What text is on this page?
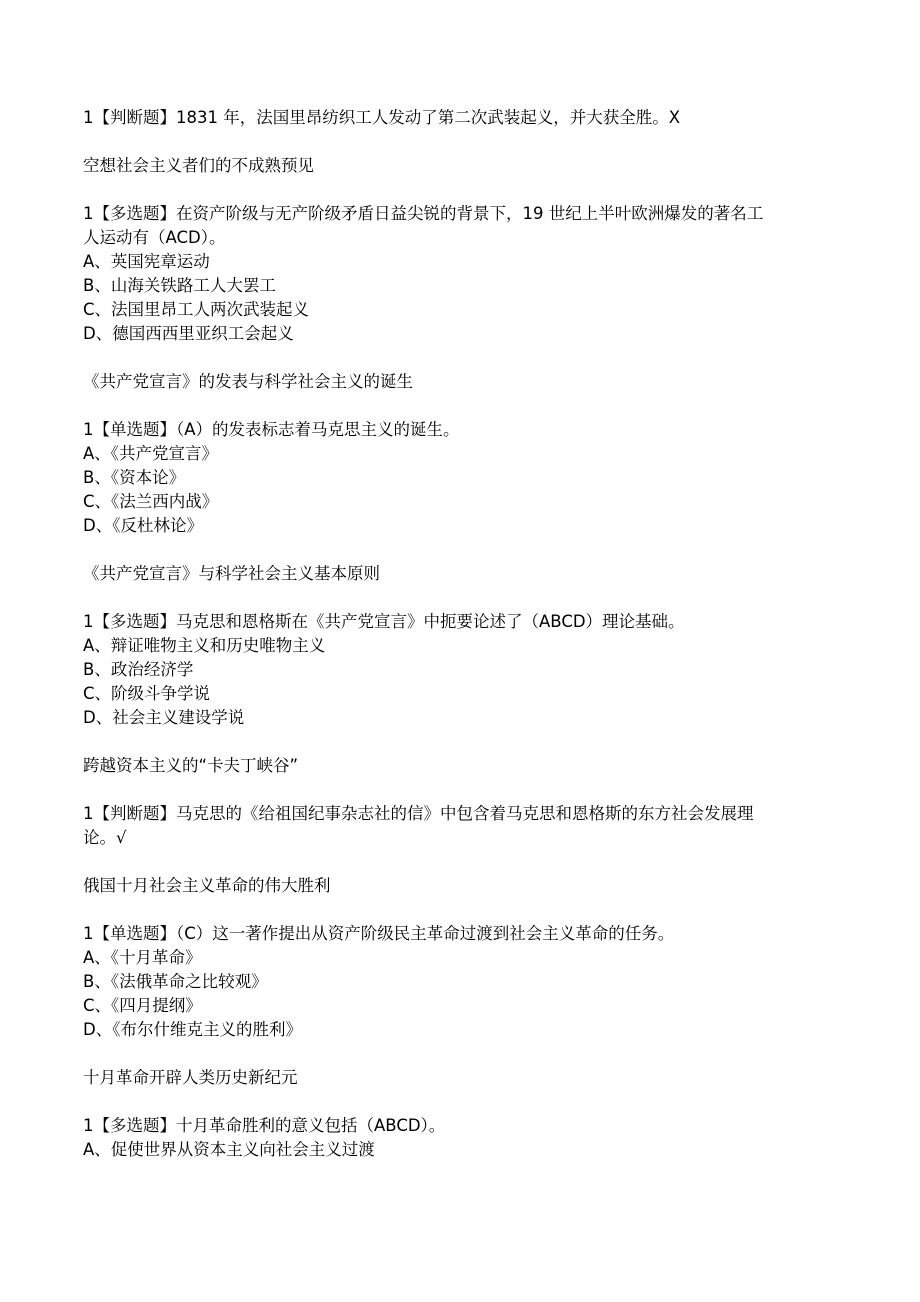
1【判断题】1831 年，法国里昂纺织工人发动了第二次武装起义，并大获全胜。X
空想社会主义者们的不成熟预见
1【多选题】在资产阶级与无产阶级矛盾日益尖锐的背景下，19 世纪上半叶欧洲爆发的著名工
人运动有（ACD）。
A、英国宪章运动
B、山海关铁路工人大罢工
C、法国里昂工人两次武装起义
D、德国西西里亚织工会起义
《共产党宣言》的发表与科学社会主义的诞生
1【单选题】（A）的发表标志着马克思主义的诞生。
A、《共产党宣言》
B、《资本论》
C、《法兰西内战》
D、《反杜林论》
《共产党宣言》与科学社会主义基本原则
1【多选题】马克思和恩格斯在《共产党宣言》中扼要论述了（ABCD）理论基础。
A、辩证唯物主义和历史唯物主义
B、政治经济学
C、阶级斗争学说
D、社会主义建设学说
跨越资本主义的“卡夫丁峡谷”
1【判断题】马克思的《给祖国纪事杂志社的信》中包含着马克思和恩格斯的东方社会发展理
论。√
俄国十月社会主义革命的伟大胜利
1【单选题】（C）这一著作提出从资产阶级民主革命过渡到社会主义革命的任务。
A、《十月革命》
B、《法俄革命之比较观》
C、《四月提纲》
D、《布尔什维克主义的胜利》
十月革命开辟人类历史新纪元
1【多选题】十月革命胜利的意义包括（ABCD）。
A、促使世界从资本主义向社会主义过渡
